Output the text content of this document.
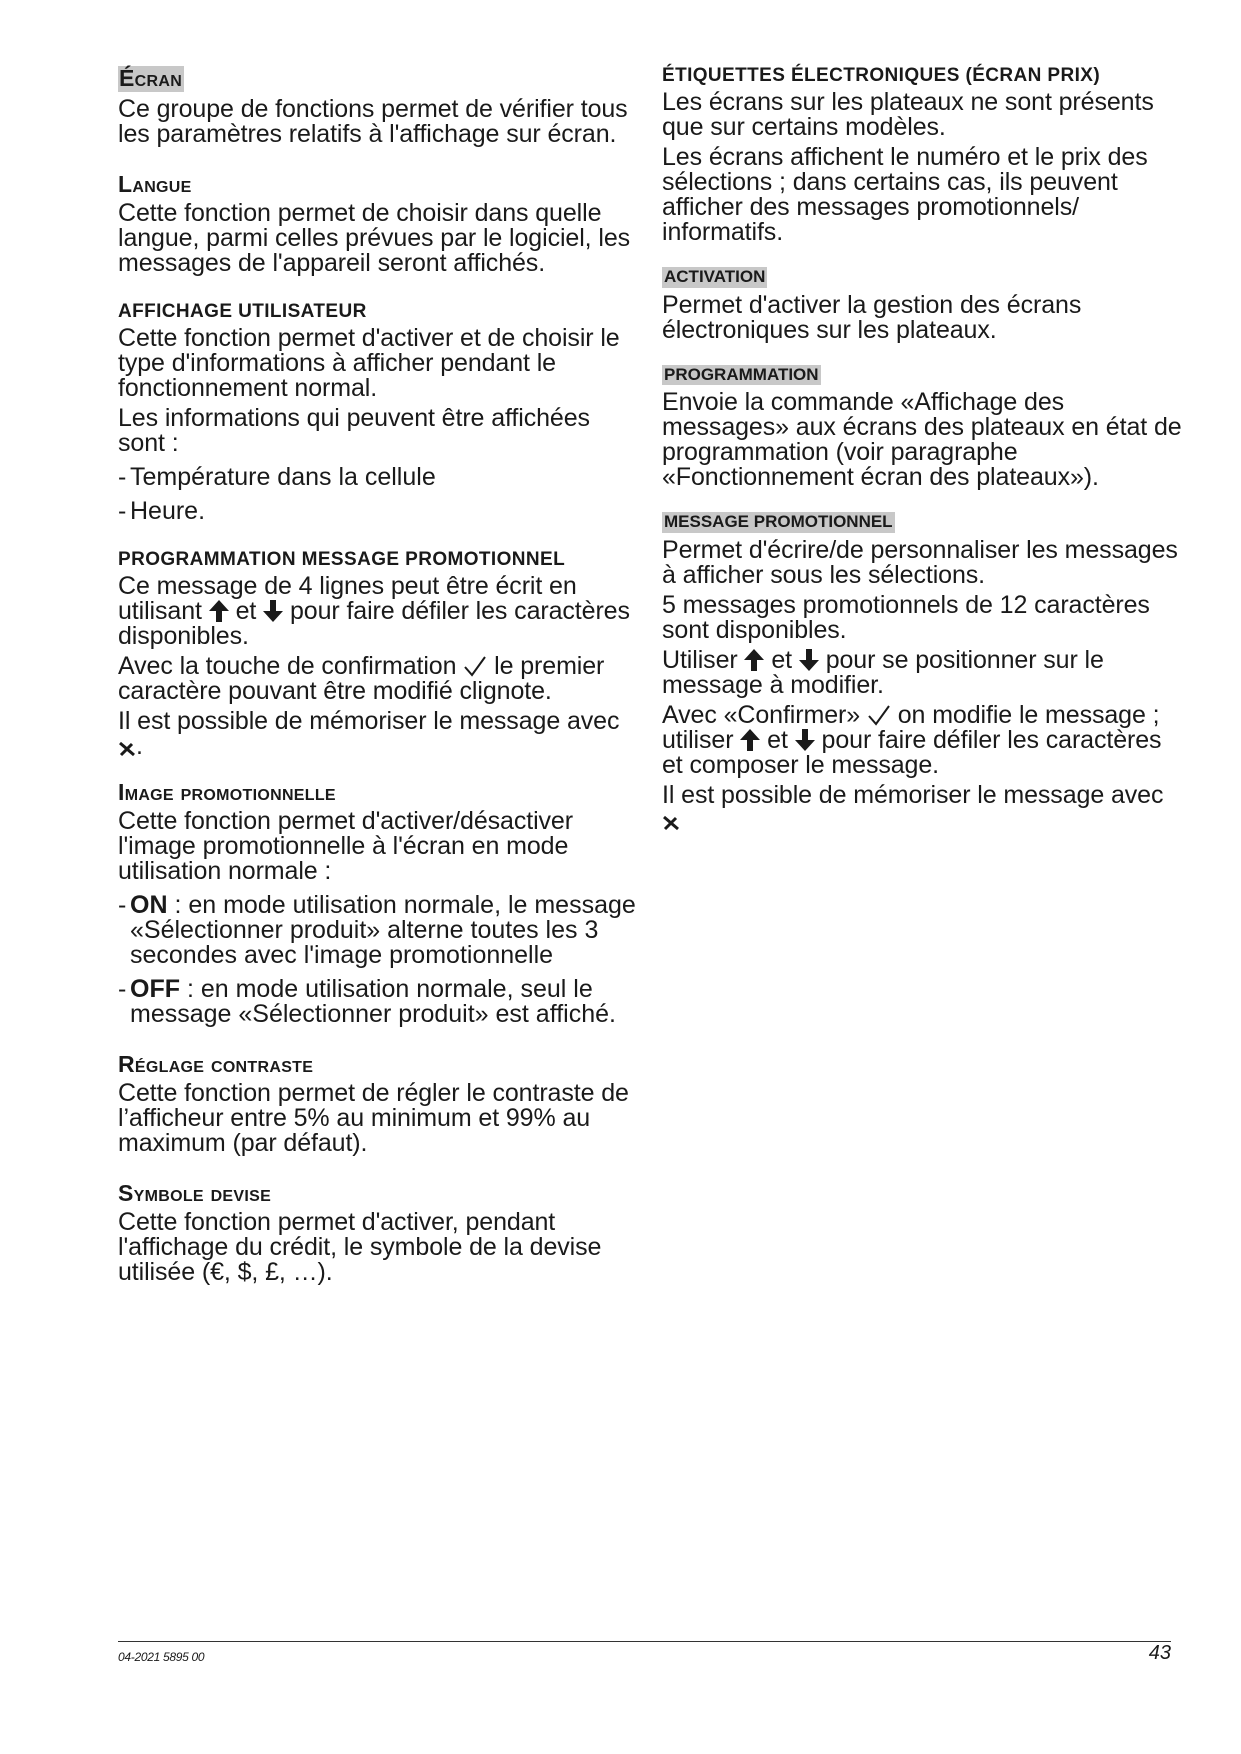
Écran
Ce groupe de fonctions permet de vérifier tous les paramètres relatifs à l'affichage sur écran.
Langue
Cette fonction permet de choisir dans quelle langue, parmi celles prévues par le logiciel, les messages de l'appareil seront affichés.
AFFICHAGE UTILISATEUR
Cette fonction permet d'activer et de choisir le type d'informations à afficher pendant le fonctionnement normal.
Les informations qui peuvent être affichées sont :
- Température dans la cellule
- Heure.
PROGRAMMATION MESSAGE PROMOTIONNEL
Ce message de 4 lignes peut être écrit en utilisant et pour faire défiler les caractères disponibles.
Avec la touche de confirmation le premier caractère pouvant être modifié clignote.
Il est possible de mémoriser le message avec
.
Image promotionnelle
Cette fonction permet d'activer/désactiver l'image promotionnelle à l'écran en mode utilisation normale :
- ON : en mode utilisation normale, le message «Sélectionner produit» alterne toutes les 3 secondes avec l'image promotionnelle
- OFF : en mode utilisation normale, seul le message «Sélectionner produit» est affiché.
Réglage contraste
Cette fonction permet de régler le contraste de l’afficheur entre 5% au minimum et 99% au maximum (par défaut).
Symbole devise
Cette fonction permet d'activer, pendant l'affichage du crédit, le symbole de la devise utilisée (€, $, £, …).
ÉTIQUETTES ÉLECTRONIQUES (ÉCRAN PRIX)
Les écrans sur les plateaux ne sont présents que sur certains modèles.
Les écrans affichent le numéro et le prix des sélections ; dans certains cas, ils peuvent afficher des messages promotionnels/ informatifs.
ACTIVATION
Permet d'activer la gestion des écrans électroniques sur les plateaux.
PROGRAMMATION
Envoie la commande «Affichage des messages» aux écrans des plateaux en état de programmation (voir paragraphe «Fonctionnement écran des plateaux»).
MESSAGE PROMOTIONNEL
Permet d'écrire/de personnaliser les messages à afficher sous les sélections.
5 messages promotionnels de 12 caractères sont disponibles.
Utiliser et pour se positionner sur le message à modifier.
Avec «Confirmer» on modifie le message ; utiliser et pour faire défiler les caractères et composer le message.
Il est possible de mémoriser le message avec
04-2021 5895 00	43
